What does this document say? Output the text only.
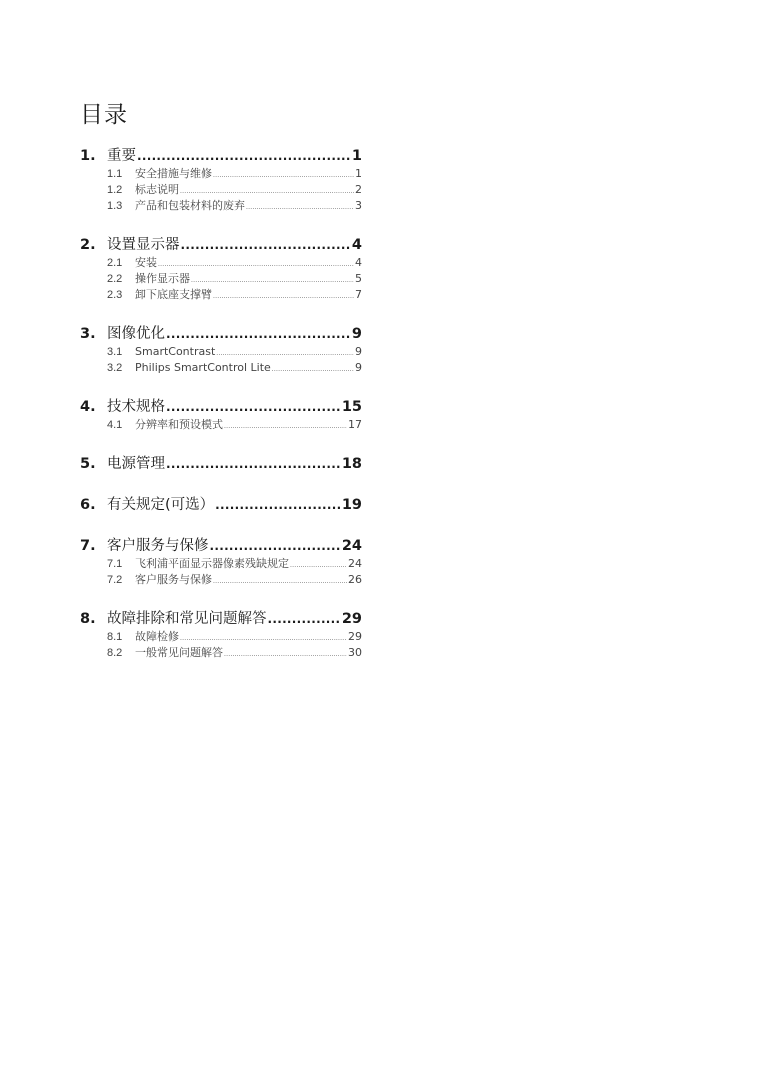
目录
1. 重要 .....	1
1.1	安全措施与维修 .....	1
1.2	标志说明 .....	2
1.3	产品和包装材料的废弃 .....	3
2. 设置显示器 .....	4
2.1	安装 .....	4
2.2	操作显示器 .....	5
2.3	卸下底座支撑臂 .....	7
3. 图像优化 .....	9
3.1	SmartContrast .....	9
3.2	Philips SmartControl Lite .....	9
4. 技术规格 .....	15
4.1	分辨率和预设模式 .....	17
5. 电源管理 .....	18
6. 有关规定(可选） .....	19
7. 客户服务与保修 .....	24
7.1	飞利浦平面显示器像素残缺规定 .....	24
7.2	客户服务与保修 .....	26
8. 故障排除和常见问题解答 .....	29
8.1	故障检修 .....	29
8.2	一般常见问题解答 .....	30
